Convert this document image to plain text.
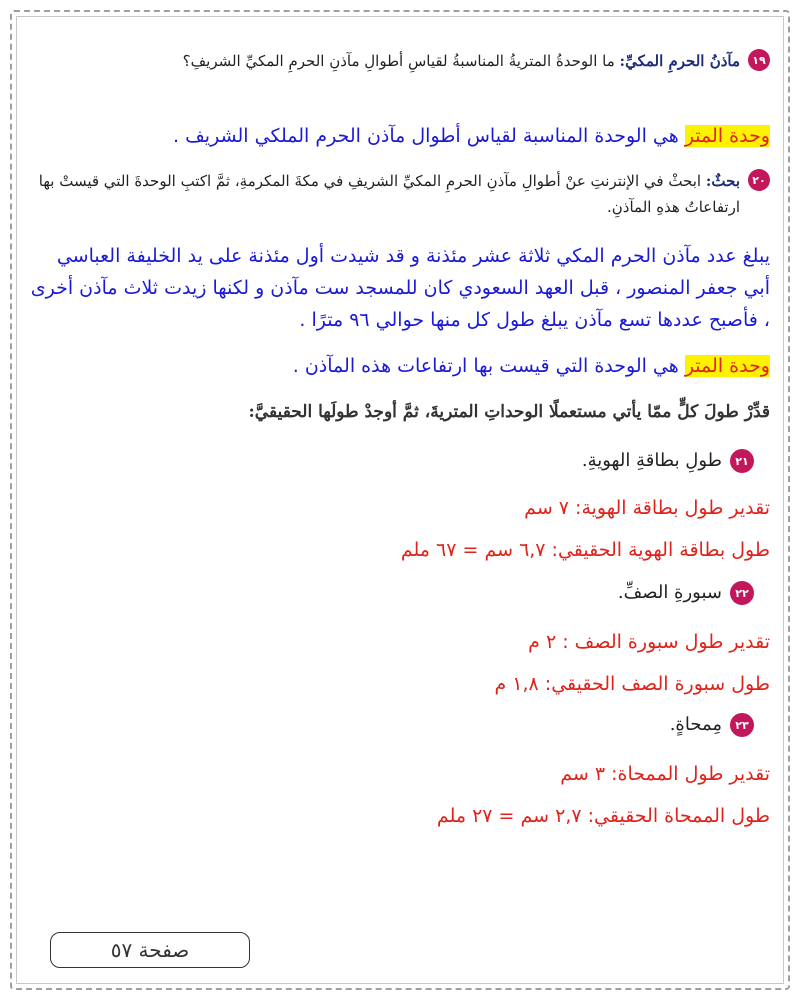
١٩
مآذنُ الحرمِ المكيِّ: ما الوحدةُ المتريةُ المناسبةُ لقياسِ أطوالِ مآذنِ الحرمِ المكيِّ الشريفِ؟
وحدة المتر هي الوحدة المناسبة لقياس أطوال مآذن الحرم الملكي الشريف .
٢٠
بحثٌ: ابحثْ في الإنترنتِ عنْ أطوالِ مآذنِ الحرمِ المكيِّ الشريفِ في مكةَ المكرمةِ، ثمَّ اكتبِ الوحدةَ التي قيستْ بها ارتفاعاتُ هذهِ المآذنِ.
يبلغ عدد مآذن الحرم المكي ثلاثة عشر مئذنة و قد شيدت أول مئذنة على يد الخليفة العباسي أبي جعفر المنصور ، قبل العهد السعودي كان للمسجد ست مآذن و لكنها زيدت ثلاث مآذن أخرى ، فأصبح عددها تسع مآذن يبلغ طول كل منها حوالي ٩٦ مترًا .
وحدة المتر هي الوحدة التي قيست بها ارتفاعات هذه المآذن .
قدِّرْ طولَ كلٍّ ممّا يأتي مستعملًا الوحداتِ المتريةَ، ثمَّ أوجدْ طولَها الحقيقيَّ:
٢١
طولِ بطاقةِ الهويةِ.
تقدير طول بطاقة الهوية: ٧ سم
طول بطاقة الهوية الحقيقي: ٦,٧ سم = ٦٧ ملم
٢٢
سبورةِ الصفِّ.
تقدير طول سبورة الصف : ٢ م
طول سبورة الصف الحقيقي: ١,٨ م
٢٣
مِمحاةٍ.
تقدير طول الممحاة: ٣ سم
طول الممحاة الحقيقي: ٢,٧ سم = ٢٧ ملم
صفحة ٥٧
